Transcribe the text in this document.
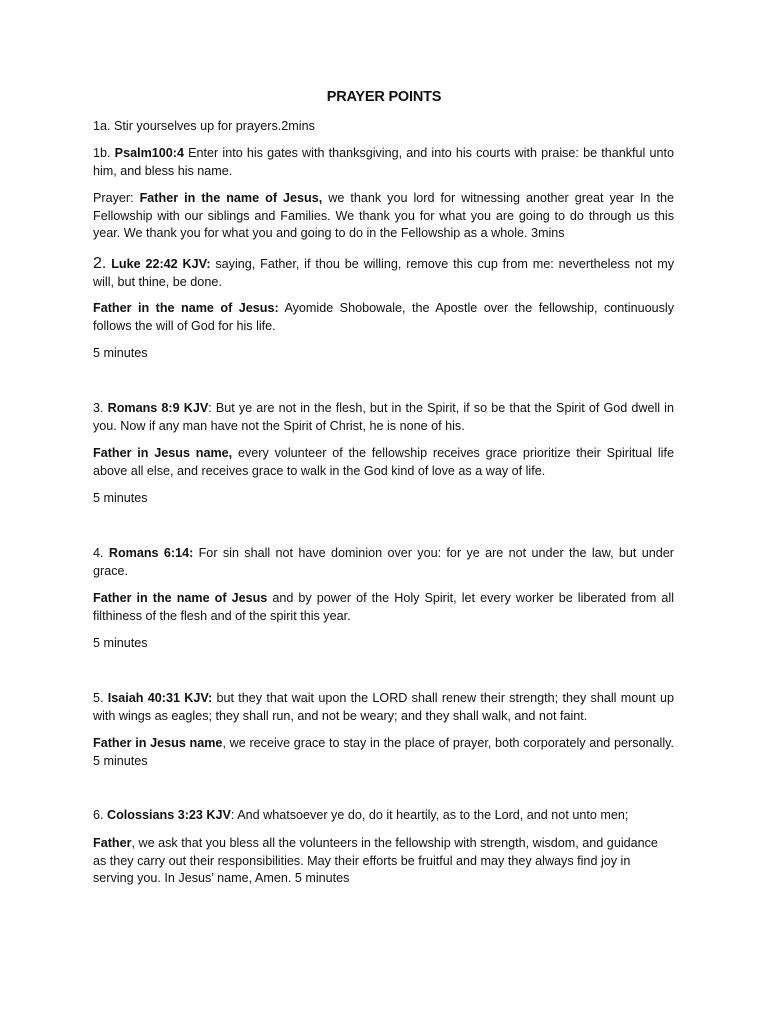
PRAYER POINTS

1a. Stir yourselves up for prayers.2mins

1b. Psalm100:4 Enter into his gates with thanksgiving, and into his courts with praise: be thankful unto him, and bless his name.

Prayer: Father in the name of Jesus, we thank you lord for witnessing another great year In the Fellowship with our siblings and Families. We thank you for what you are going to do through us this year. We thank you for what you and going to do in the Fellowship as a whole. 3mins

2. Luke 22:42 KJV: saying, Father, if thou be willing, remove this cup from me: nevertheless not my will, but thine, be done.

Father in the name of Jesus: Ayomide Shobowale, the Apostle over the fellowship, continuously follows the will of God for his life.

5 minutes

3. Romans 8:9 KJV: But ye are not in the flesh, but in the Spirit, if so be that the Spirit of God dwell in you. Now if any man have not the Spirit of Christ, he is none of his.

Father in Jesus name, every volunteer of the fellowship receives grace prioritize their Spiritual life above all else, and receives grace to walk in the God kind of love as a way of life.

5 minutes

4. Romans 6:14: For sin shall not have dominion over you: for ye are not under the law, but under grace.

Father in the name of Jesus and by power of the Holy Spirit, let every worker be liberated from all filthiness of the flesh and of the spirit this year.

5 minutes

5. Isaiah 40:31 KJV: but they that wait upon the LORD shall renew their strength; they shall mount up with wings as eagles; they shall run, and not be weary; and they shall walk, and not faint.

Father in Jesus name, we receive grace to stay in the place of prayer, both corporately and personally. 5 minutes

6. Colossians 3:23 KJV: And whatsoever ye do, do it heartily, as to the Lord, and not unto men;

Father, we ask that you bless all the volunteers in the fellowship with strength, wisdom, and guidance as they carry out their responsibilities. May their efforts be fruitful and may they always find joy in serving you. In Jesus’ name, Amen. 5 minutes
